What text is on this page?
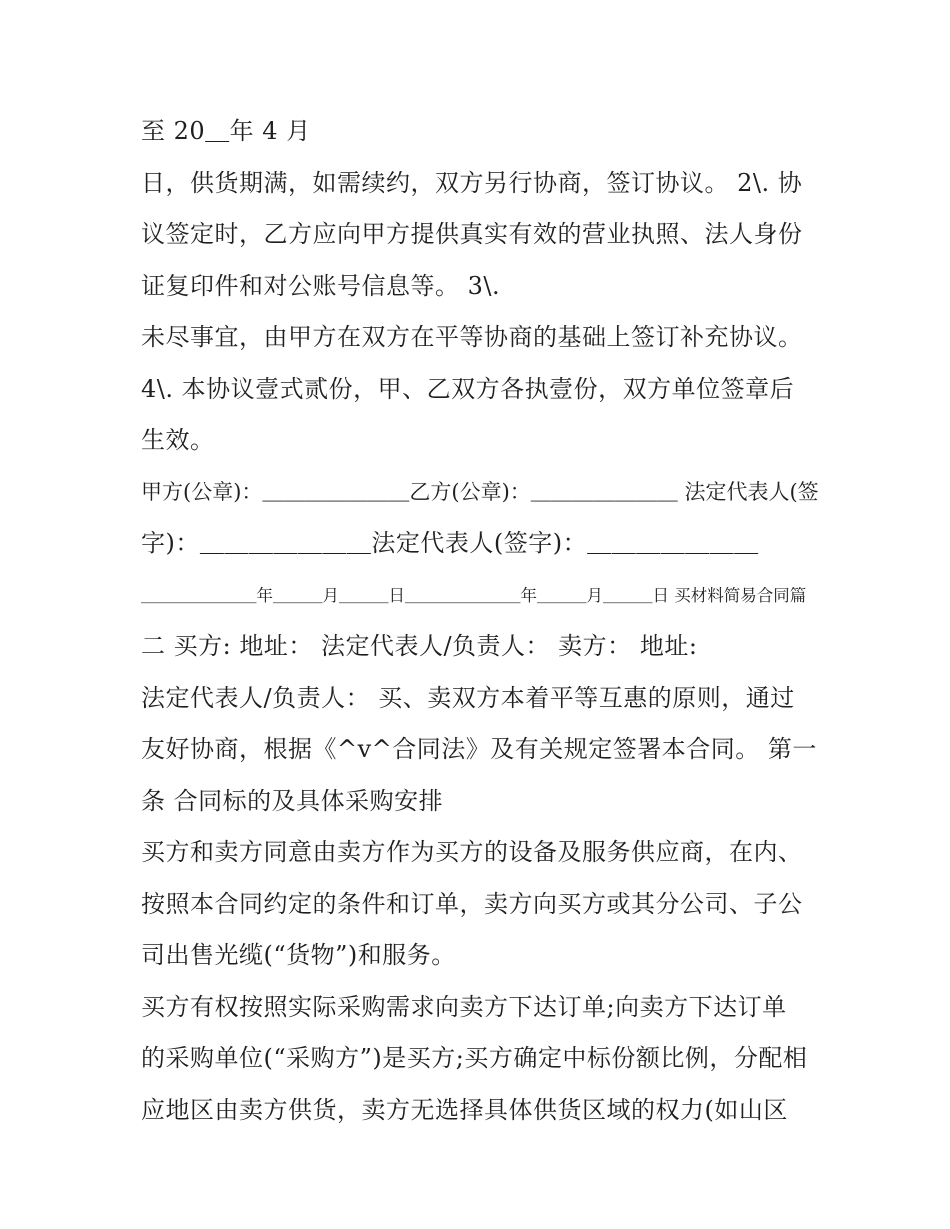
至 20＿年 4 月
日，供货期满，如需续约，双方另行协商，签订协议。 2\. 协
议签定时，乙方应向甲方提供真实有效的营业执照、法人身份
证复印件和对公账号信息等。 3\.
未尽事宜，由甲方在双方在平等协商的基础上签订补充协议。
4\. 本协议壹式贰份，甲、乙双方各执壹份，双方单位签章后
生效。
甲方(公章)：＿＿＿＿＿＿＿乙方(公章)：＿＿＿＿＿＿＿ 法定代表人(签
字)：＿＿＿＿＿＿＿法定代表人(签字)：＿＿＿＿＿＿＿
＿＿＿＿＿＿＿年＿＿＿月＿＿＿日＿＿＿＿＿＿＿年＿＿＿月＿＿＿日 买材料简易合同篇
二 买方: 地址： 法定代表人/负责人： 卖方： 地址:
法定代表人/负责人： 买、卖双方本着平等互惠的原则，通过
友好协商，根据《^v^合同法》及有关规定签署本合同。 第一
条 合同标的及具体采购安排
买方和卖方同意由卖方作为买方的设备及服务供应商，在内、
按照本合同约定的条件和订单，卖方向买方或其分公司、子公
司出售光缆(“货物”)和服务。
买方有权按照实际采购需求向卖方下达订单;向卖方下达订单
的采购单位(“采购方”)是买方;买方确定中标份额比例，分配相
应地区由卖方供货，卖方无选择具体供货区域的权力(如山区
